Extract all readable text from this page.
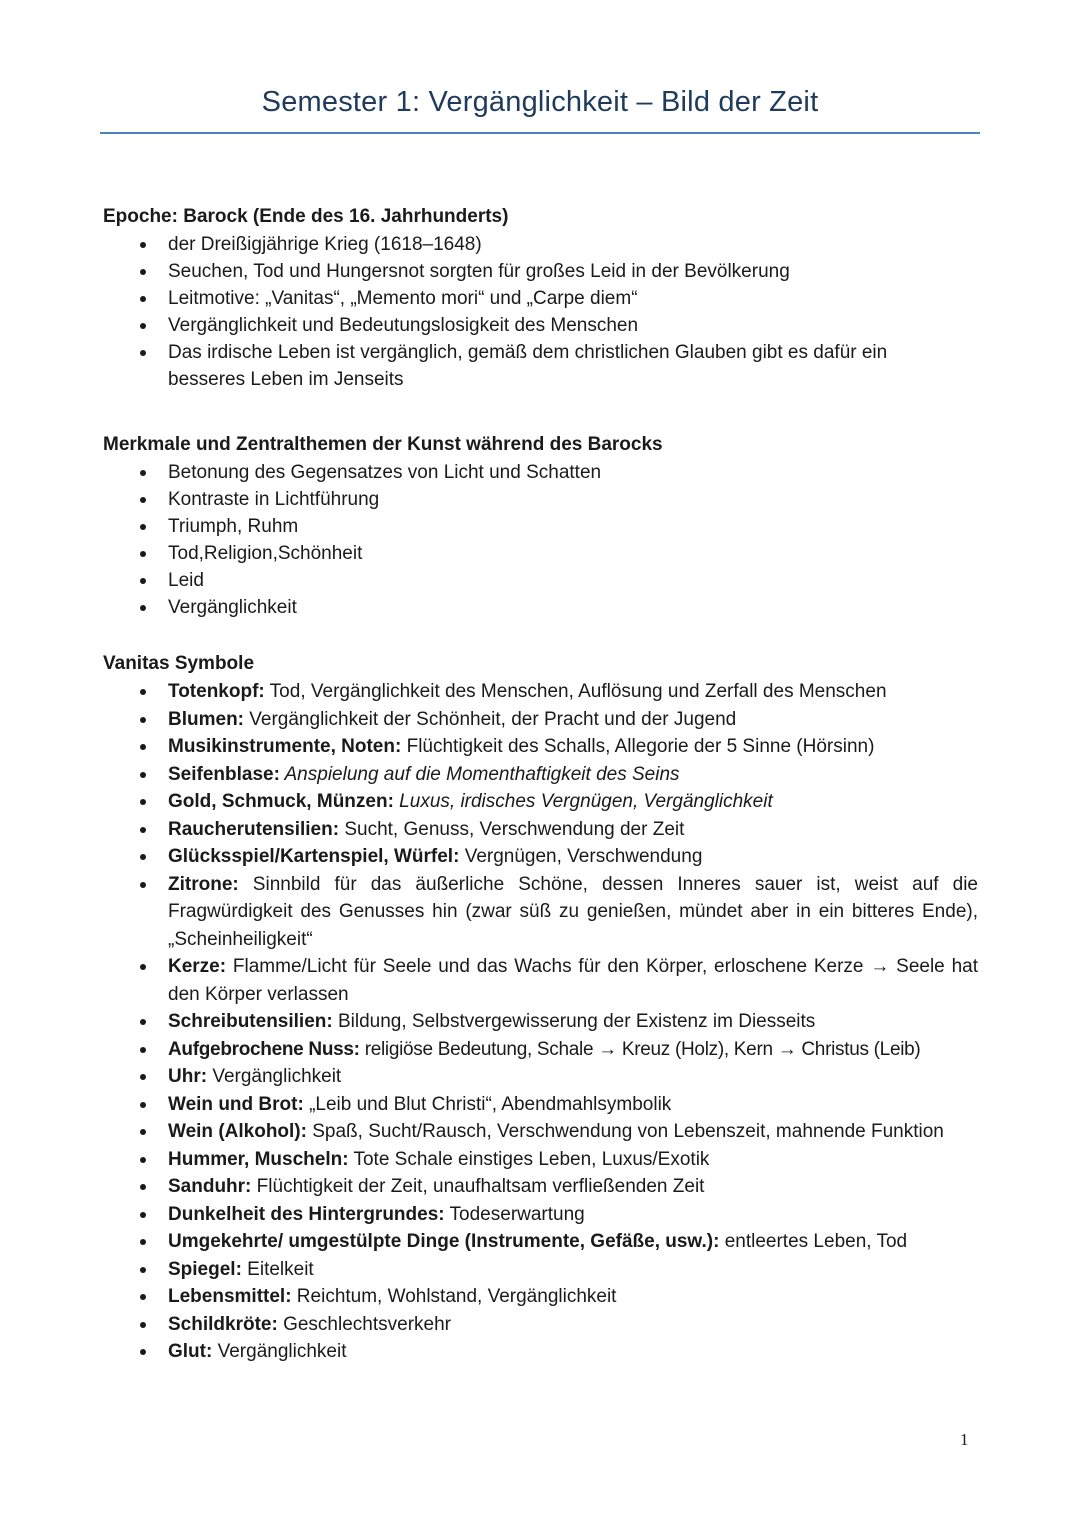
Semester 1: Vergänglichkeit – Bild der Zeit

Epoche: Barock (Ende des 16. Jahrhunderts)

der Dreißigjährige Krieg (1618–1648)
Seuchen, Tod und Hungersnot sorgten für großes Leid in der Bevölkerung
Leitmotive: „Vanitas“, „Memento mori“ und „Carpe diem“
Vergänglichkeit und Bedeutungslosigkeit des Menschen
Das irdische Leben ist vergänglich, gemäß dem christlichen Glauben gibt es dafür ein besseres Leben im Jenseits

Merkmale und Zentralthemen der Kunst während des Barocks

Betonung des Gegensatzes von Licht und Schatten
Kontraste in Lichtführung
Triumph, Ruhm
Tod,Religion,Schönheit
Leid
Vergänglichkeit

Vanitas Symbole

Totenkopf: Tod, Vergänglichkeit des Menschen, Auflösung und Zerfall des Menschen
Blumen: Vergänglichkeit der Schönheit, der Pracht und der Jugend
Musikinstrumente, Noten: Flüchtigkeit des Schalls, Allegorie der 5 Sinne (Hörsinn)
Seifenblase: Anspielung auf die Momenthaftigkeit des Seins
Gold, Schmuck, Münzen: Luxus, irdisches Vergnügen, Vergänglichkeit
Raucherutensilien: Sucht, Genuss, Verschwendung der Zeit
Glücksspiel/Kartenspiel, Würfel: Vergnügen, Verschwendung
Zitrone: Sinnbild für das äußerliche Schöne, dessen Inneres sauer ist, weist auf die Fragwürdigkeit des Genusses hin (zwar süß zu genießen, mündet aber in ein bitteres Ende), „Scheinheiligkeit“
Kerze: Flamme/Licht für Seele und das Wachs für den Körper, erloschene Kerze → Seele hat den Körper verlassen
Schreibutensilien: Bildung, Selbstvergewisserung der Existenz im Diesseits
Aufgebrochene Nuss: religiöse Bedeutung, Schale → Kreuz (Holz), Kern → Christus (Leib)
Uhr: Vergänglichkeit
Wein und Brot: „Leib und Blut Christi“, Abendmahlsymbolik
Wein (Alkohol): Spaß, Sucht/Rausch, Verschwendung von Lebenszeit, mahnende Funktion
Hummer, Muscheln: Tote Schale einstiges Leben, Luxus/Exotik
Sanduhr: Flüchtigkeit der Zeit, unaufhaltsam verfließenden Zeit
Dunkelheit des Hintergrundes: Todeserwartung
Umgekehrte/ umgestülpte Dinge (Instrumente, Gefäße, usw.): entleertes Leben, Tod
Spiegel: Eitelkeit
Lebensmittel: Reichtum, Wohlstand, Vergänglichkeit
Schildkröte: Geschlechtsverkehr
Glut: Vergänglichkeit
1
